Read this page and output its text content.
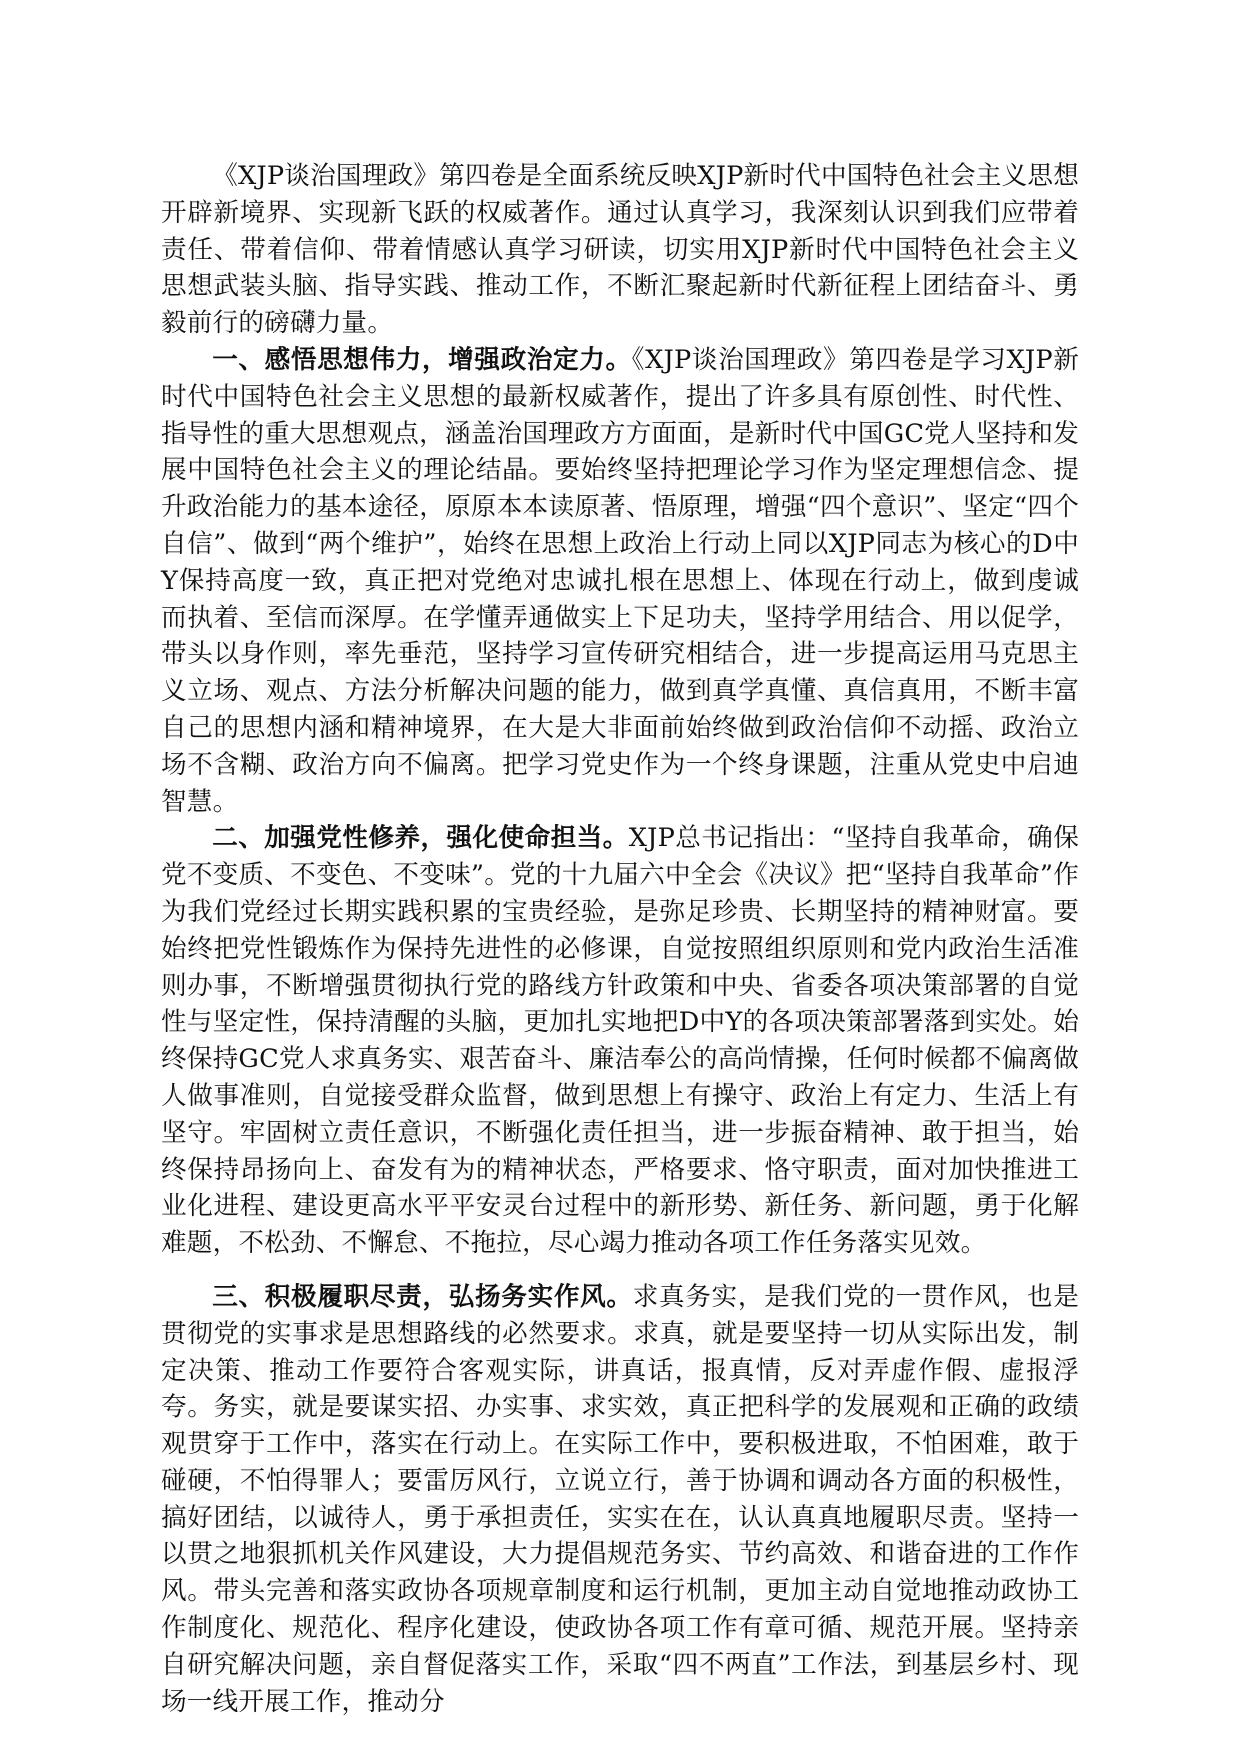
《XJP谈治国理政》第四卷是全面系统反映XJP新时代中国特色社会主义思想开辟新境界、实现新飞跃的权威著作。通过认真学习，我深刻认识到我们应带着责任、带着信仰、带着情感认真学习研读，切实用XJP新时代中国特色社会主义思想武装头脑、指导实践、推动工作，不断汇聚起新时代新征程上团结奋斗、勇毅前行的磅礴力量。

一、感悟思想伟力，增强政治定力。《XJP谈治国理政》第四卷是学习XJP新时代中国特色社会主义思想的最新权威著作，提出了许多具有原创性、时代性、指导性的重大思想观点，涵盖治国理政方方面面，是新时代中国GC党人坚持和发展中国特色社会主义的理论结晶。要始终坚持把理论学习作为坚定理想信念、提升政治能力的基本途径，原原本本读原著、悟原理，增强“四个意识”、坚定“四个自信”、做到“两个维护”，始终在思想上政治上行动上同以XJP同志为核心的D中Y保持高度一致，真正把对党绝对忠诚扎根在思想上、体现在行动上，做到虔诚而执着、至信而深厚。在学懂弄通做实上下足功夫，坚持学用结合、用以促学，带头以身作则，率先垂范，坚持学习宣传研究相结合，进一步提高运用马克思主义立场、观点、方法分析解决问题的能力，做到真学真懂、真信真用，不断丰富自己的思想内涵和精神境界，在大是大非面前始终做到政治信仰不动摇、政治立场不含糊、政治方向不偏离。把学习党史作为一个终身课题，注重从党史中启迪智慧。

二、加强党性修养，强化使命担当。XJP总书记指出：“坚持自我革命，确保党不变质、不变色、不变味”。党的十九届六中全会《决议》把“坚持自我革命”作为我们党经过长期实践积累的宝贵经验，是弥足珍贵、长期坚持的精神财富。要始终把党性锻炼作为保持先进性的必修课，自觉按照组织原则和党内政治生活准则办事，不断增强贯彻执行党的路线方针政策和中央、省委各项决策部署的自觉性与坚定性，保持清醒的头脑，更加扎实地把D中Y的各项决策部署落到实处。始终保持GC党人求真务实、艰苦奋斗、廉洁奉公的高尚情操，任何时候都不偏离做人做事准则，自觉接受群众监督，做到思想上有操守、政治上有定力、生活上有坚守。牢固树立责任意识，不断强化责任担当，进一步振奋精神、敢于担当，始终保持昂扬向上、奋发有为的精神状态，严格要求、恪守职责，面对加快推进工业化进程、建设更高水平平安灵台过程中的新形势、新任务、新问题，勇于化解难题，不松劲、不懈怠、不拖拉，尽心竭力推动各项工作任务落实见效。

三、积极履职尽责，弘扬务实作风。求真务实，是我们党的一贯作风，也是贯彻党的实事求是思想路线的必然要求。求真，就是要坚持一切从实际出发，制定决策、推动工作要符合客观实际，讲真话，报真情，反对弄虚作假、虚报浮夸。务实，就是要谋实招、办实事、求实效，真正把科学的发展观和正确的政绩观贯穿于工作中，落实在行动上。在实际工作中，要积极进取，不怕困难，敢于碰硬，不怕得罪人；要雷厉风行，立说立行，善于协调和调动各方面的积极性，搞好团结，以诚待人，勇于承担责任，实实在在，认认真真地履职尽责。坚持一以贯之地狠抓机关作风建设，大力提倡规范务实、节约高效、和谐奋进的工作作风。带头完善和落实政协各项规章制度和运行机制，更加主动自觉地推动政协工作制度化、规范化、程序化建设，使政协各项工作有章可循、规范开展。坚持亲自研究解决问题，亲自督促落实工作，采取“四不两直”工作法，到基层乡村、现场一线开展工作，推动分
